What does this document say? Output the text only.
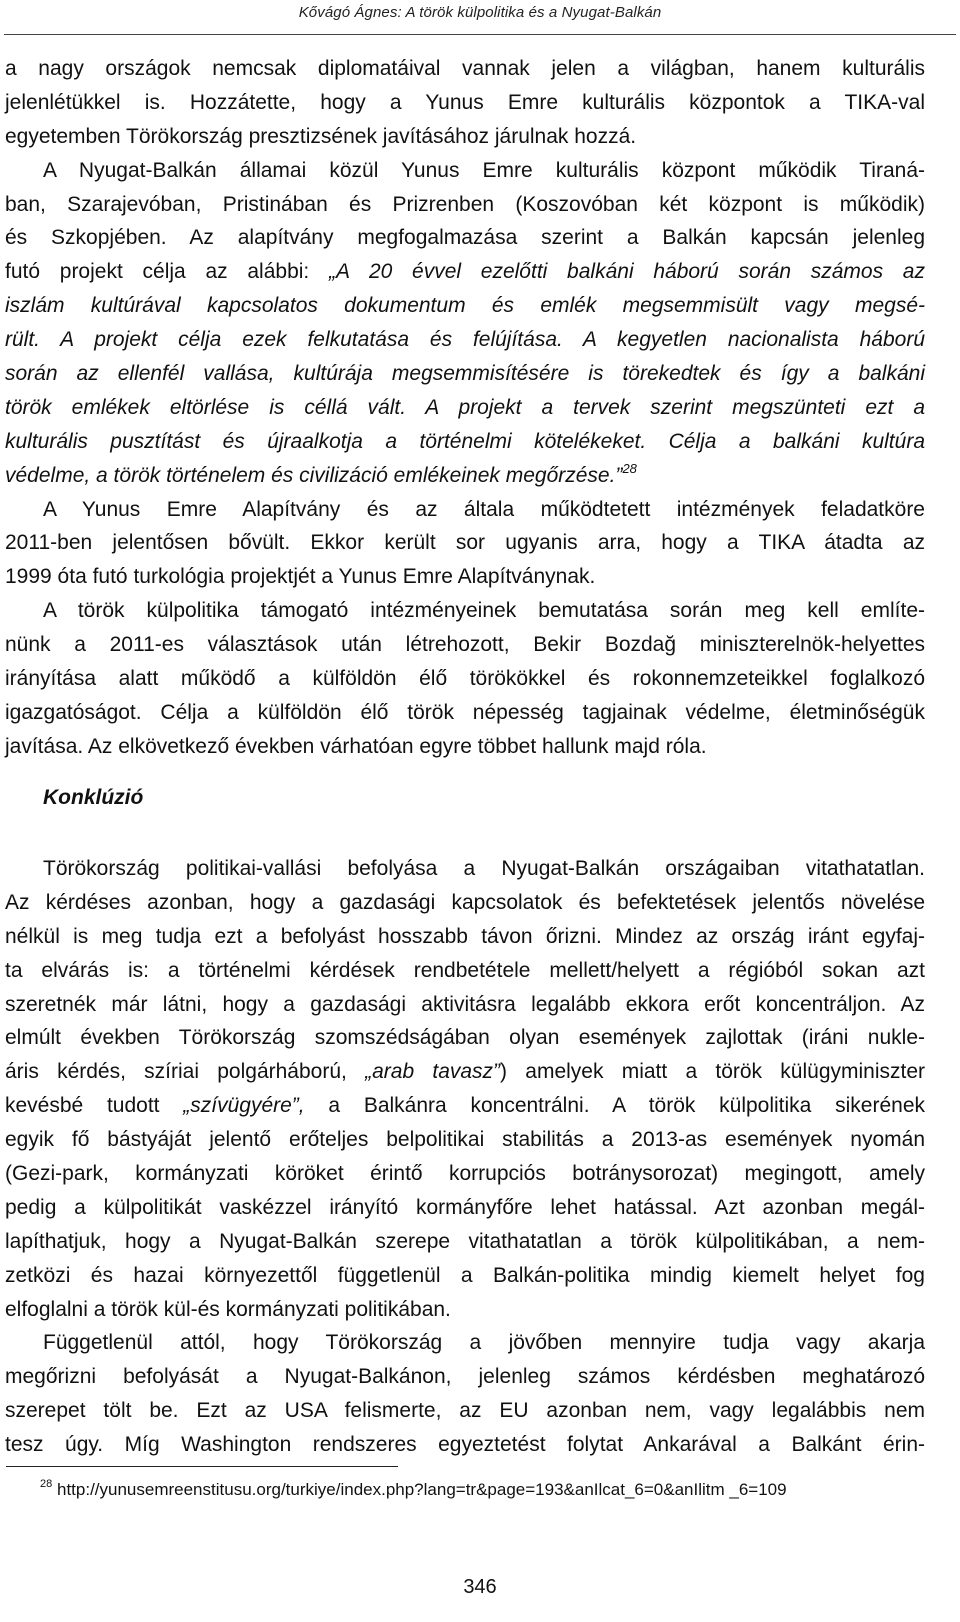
Kővágó Ágnes: A török külpolitika és a Nyugat-Balkán
a nagy országok nemcsak diplomatáival vannak jelen a világban, hanem kulturális
jelenlétükkel is. Hozzátette, hogy a Yunus Emre kulturális központok a TIKA-val
egyetemben Törökország presztizsének javításához járulnak hozzá.
A Nyugat-Balkán államai közül Yunus Emre kulturális központ működik Tiraná-
ban, Szarajevóban, Pristinában és Prizrenben (Koszovóban két központ is működik)
és Szkopjében. Az alapítvány megfogalmazása szerint a Balkán kapcsán jelenleg
futó projekt célja az alábbi: „A 20 évvel ezelőtti balkáni háború során számos az
iszlám kultúrával kapcsolatos dokumentum és emlék megsemmisült vagy megsé-
rült. A projekt célja ezek felkutatása és felújítása. A kegyetlen nacionalista háború
során az ellenfél vallása, kultúrája megsemmisítésére is törekedtek és így a balkáni
török emlékek eltörlése is céllá vált. A projekt a tervek szerint megszünteti ezt a
kulturális pusztítást és újraalkotja a történelmi kötelékeket. Célja a balkáni kultúra
védelme, a török történelem és civilizáció emlékeinek megőrzése.”$^{28}$
A Yunus Emre Alapítvány és az általa működtetett intézmények feladatköre
2011-ben jelentősen bővült. Ekkor került sor ugyanis arra, hogy a TIKA átadta az
1999 óta futó turkológia projektjét a Yunus Emre Alapítványnak.
A török külpolitika támogató intézményeinek bemutatása során meg kell említe-
nünk a 2011-es választások után létrehozott, Bekir Bozdağ miniszterelnök-helyettes
irányítása alatt működő a külföldön élő törökökkel és rokonnemzeteikkel foglalkozó
igazgatóságot. Célja a külföldön élő török népesség tagjainak védelme, életminőségük
javítása. Az elkövetkező években várhatóan egyre többet hallunk majd róla.
Konklúzió
Törökország politikai-vallási befolyása a Nyugat-Balkán országaiban vitathatatlan.
Az kérdéses azonban, hogy a gazdasági kapcsolatok és befektetések jelentős növelése
nélkül is meg tudja ezt a befolyást hosszabb távon őrizni. Mindez az ország iránt egyfaj-
ta elvárás is: a történelmi kérdések rendbetétele mellett/helyett a régióból sokan azt
szeretnék már látni, hogy a gazdasági aktivitásra legalább ekkora erőt koncentráljon. Az
elmúlt években Törökország szomszédságában olyan események zajlottak (iráni nukle-
áris kérdés, szíriai polgárháború, „arab tavasz”) amelyek miatt a török külügyminiszter
kevésbé tudott „szívügyére”, a Balkánra koncentrálni. A török külpolitika sikerének
egyik fő bástyáját jelentő erőteljes belpolitikai stabilitás a 2013-as események nyomán
(Gezi-park, kormányzati köröket érintő korrupciós botránysorozat) megingott, amely
pedig a külpolitikát vaskézzel irányító kormányfőre lehet hatással. Azt azonban megál-
lapíthatjuk, hogy a Nyugat-Balkán szerepe vitathatatlan a török külpolitikában, a nem-
zetközi és hazai környezettől függetlenül a Balkán-politika mindig kiemelt helyet fog
elfoglalni a török kül-és kormányzati politikában.
Függetlenül attól, hogy Törökország a jövőben mennyire tudja vagy akarja
megőrizni befolyását a Nyugat-Balkánon, jelenleg számos kérdésben meghatározó
szerepet tölt be. Ezt az USA felismerte, az EU azonban nem, vagy legalábbis nem
tesz úgy. Míg Washington rendszeres egyeztetést folytat Ankarával a Balkánt érin-
$^{28}$ http://yunusemreenstitusu.org/turkiye/index.php?lang=tr&page=193&anIlcat_6=0&anIlitm _6=109
346
